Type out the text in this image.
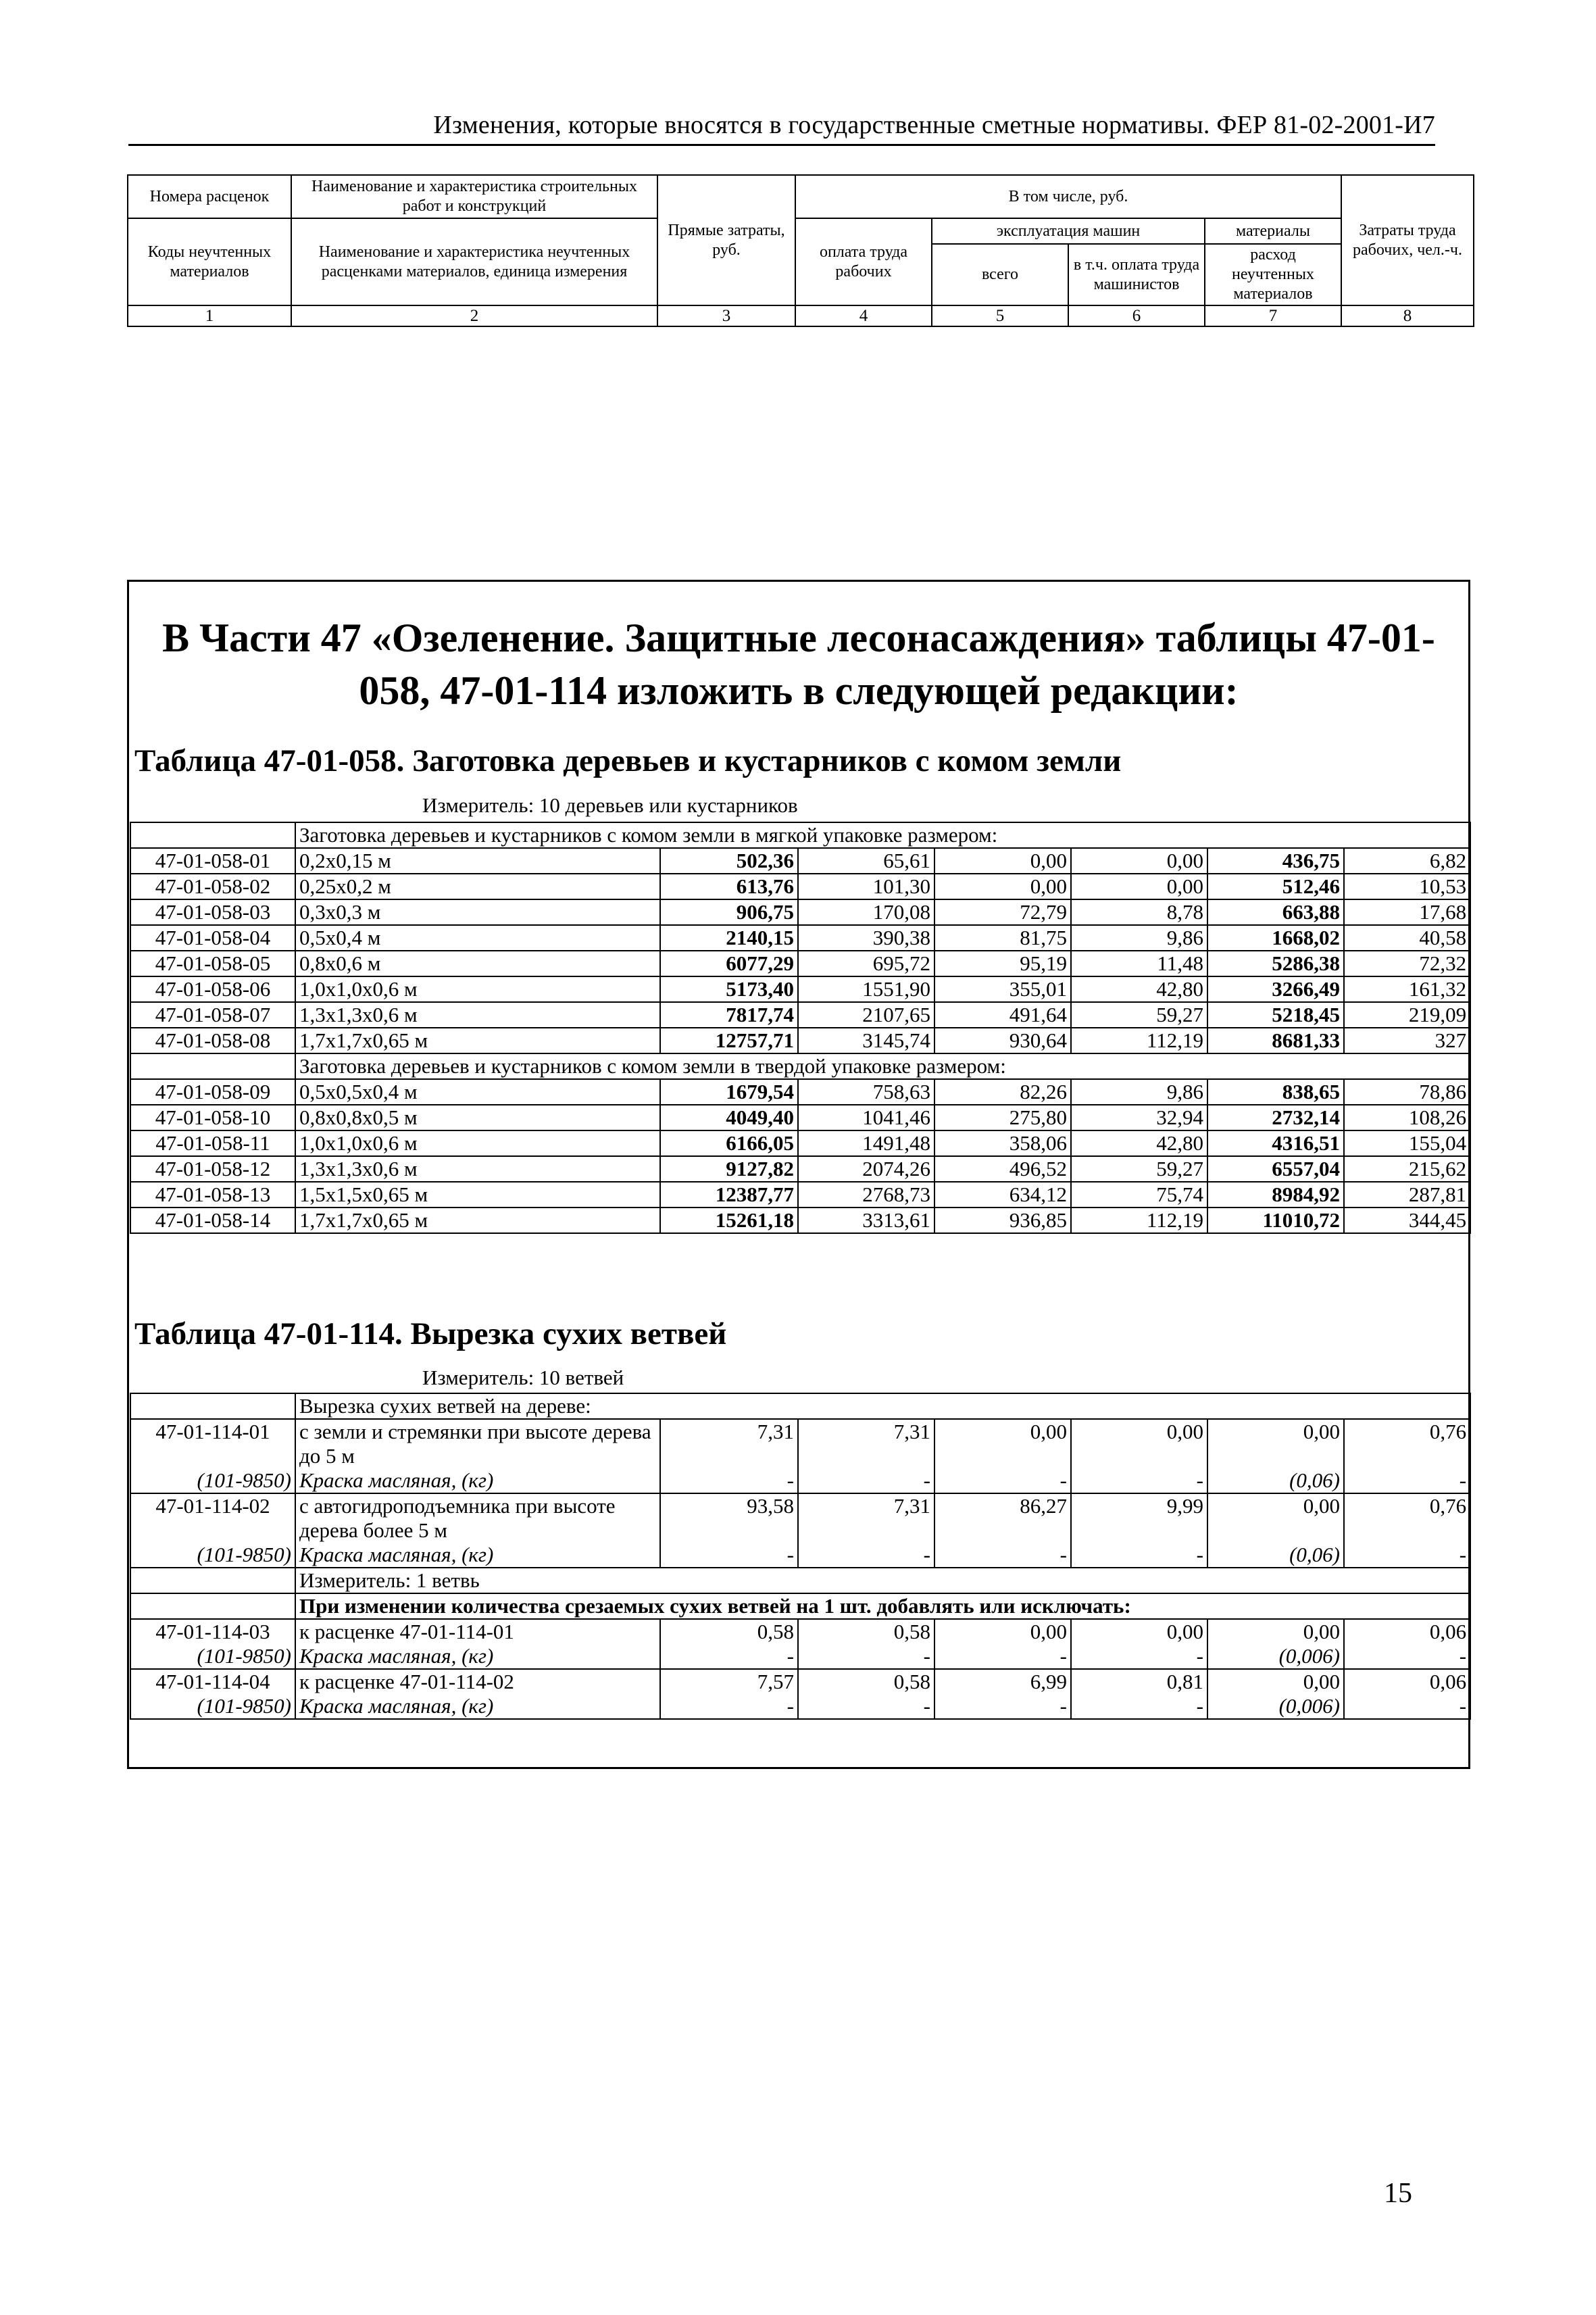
Изменения, которые вносятся в государственные сметные нормативы. ФЕР 81-02-2001-И7
Номера расценок	Наименование и характеристика строительных работ и конструкций	Прямые затраты, руб.	В том числе, руб.				Затраты труда рабочих, чел.-ч.
Коды неучтенных материалов	Наименование и характеристика неучтенных расценками материалов, единица измерения		оплата труда рабочих	эксплуатация машин		материалы	
				всего	в т.ч. оплата труда машинистов	расход неучтенных материалов	

1	2	3	4	5	6	7	8
В Части 47 «Озеленение. Защитные лесонасаждения» таблицы 47-01-058, 47-01-114 изложить в следующей редакции:
Таблица 47-01-058. Заготовка деревьев и кустарников с комом земли
Измеритель: 10 деревьев или кустарников
	Заготовка деревьев и кустарников с комом земли в мягкой упаковке размером:						
47-01-058-01	0,2x0,15 м	502,36	65,61	0,00	0,00	436,75	6,82
47-01-058-02	0,25x0,2 м	613,76	101,30	0,00	0,00	512,46	10,53
47-01-058-03	0,3x0,3 м	906,75	170,08	72,79	8,78	663,88	17,68
47-01-058-04	0,5x0,4 м	2140,15	390,38	81,75	9,86	1668,02	40,58
47-01-058-05	0,8x0,6 м	6077,29	695,72	95,19	11,48	5286,38	72,32
47-01-058-06	1,0x1,0x0,6 м	5173,40	1551,90	355,01	42,80	3266,49	161,32
47-01-058-07	1,3x1,3x0,6 м	7817,74	2107,65	491,64	59,27	5218,45	219,09
47-01-058-08	1,7x1,7x0,65 м	12757,71	3145,74	930,64	112,19	8681,33	327
	Заготовка деревьев и кустарников с комом земли в твердой упаковке размером:						
47-01-058-09	0,5x0,5x0,4 м	1679,54	758,63	82,26	9,86	838,65	78,86
47-01-058-10	0,8x0,8x0,5 м	4049,40	1041,46	275,80	32,94	2732,14	108,26
47-01-058-11	1,0x1,0x0,6 м	6166,05	1491,48	358,06	42,80	4316,51	155,04
47-01-058-12	1,3x1,3x0,6 м	9127,82	2074,26	496,52	59,27	6557,04	215,62
47-01-058-13	1,5x1,5x0,65 м	12387,77	2768,73	634,12	75,74	8984,92	287,81
47-01-058-14	1,7x1,7x0,65 м	15261,18	3313,61	936,85	112,19	11010,72	344,45
Таблица 47-01-114. Вырезка сухих ветвей
Измеритель: 10 ветвей
	Вырезка сухих ветвей на дереве:						
47-01-114-01	с земли и стремянки при высоте дерева до 5 м	7,31	7,31	0,00	0,00	0,00	0,76
(101-9850)	Краска масляная, (кг)	-	-	-	-	(0,06)	-
47-01-114-02	с автогидроподъемника при высоте дерева более 5 м	93,58	7,31	86,27	9,99	0,00	0,76
(101-9850)	Краска масляная, (кг)	-	-	-	-	(0,06)	-
	Измеритель: 1 ветвь						
	При изменении количества срезаемых сухих ветвей на 1 шт. добавлять или исключать:						
47-01-114-03	к расценке 47-01-114-01	0,58	0,58	0,00	0,00	0,00	0,06
(101-9850)	Краска масляная, (кг)	-	-	-	-	(0,006)	-
47-01-114-04	к расценке 47-01-114-02	7,57	0,58	6,99	0,81	0,00	0,06
(101-9850)	Краска масляная, (кг)	-	-	-	-	(0,006)	-
15
